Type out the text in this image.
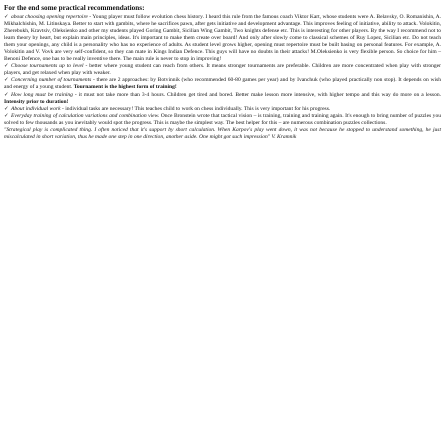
For the end some practical recommendations:
✓ about choosing opening repertoire - Young player must follow evolution chess history. I heard this rule from the famous coach Viktor Kart, whose students were A. Belavsky, O. Romanishin, A. Mikhalchishin, M. Litinskaya. Better to start with gambits, where he sacrifices pawn, after gets initiative and development advantage. This improves feeling of initiative, ability to attack. Volokitin, Zherebukh, Kravtsiv, Oleksienko and other my students played Goring Gambit, Sicilian Wing Gambit, Two knights defense etc. This is interesting for other players. By the way I recommend not to learn theory by heart, but explain main principles, ideas. It's important to make them create over board! And only after slowly come to classical schemes of Ruy Lopez, Sicilian etc. Do not teach them your openings, any child is a personality who has no experience of adults. As student level grows higher, opening must repertoire must be built basing on personal features. For example, A. Volokitin and V. Vovk are very self-confident, so they can mate in Kings Indian Defence. This guys will have no doubts in their attacks! M.Oleksienko is very flexible person. So choice for him – Benoni Defence, one has to be really inventive there. The main rule is never to stop in improving!
✓ Choose tournaments up to level - better where young student can reach from others. It means stronger tournaments are preferable. Children are more concentrated when play with stronger players, and get relaxed when play with weaker.
✓ Concerning number of tournaments - there are 2 approaches: by Botvinnik (who recommended 60-80 games per year) and by Ivanchuk (who played practically non stop). It depends on wish and energy of a young student. Tournament is the highest form of training!
✓ How long must be training - it must not take more than 3-4 hours. Children get tired and bored. Better make lesson more intensive, with higher tempo and this way do more on a lesson. Intensity prior to duration!
✓ About individual work - individual tasks are necessary! This teaches child to work on chess individually. This is very important for his progress.
✓ Everyday training of calculation variations and combination view. Once Bronstein wrote that tactical vision – is training, training and training again. It's enough to bring number of puzzles you solved to few thousands as you inevitably would spot the progress. This is maybe the simplest way. The best helper for this – are numerous combination puzzles collections.
"Strategical play is complicated thing. I often noticed that it's support by short calculation. When Karpov's play went down, it was not because he stopped to understand something, he just miscalculated in short variation, thus he made one step in one direction, another aside. One might got such impression" V. Kramnik
